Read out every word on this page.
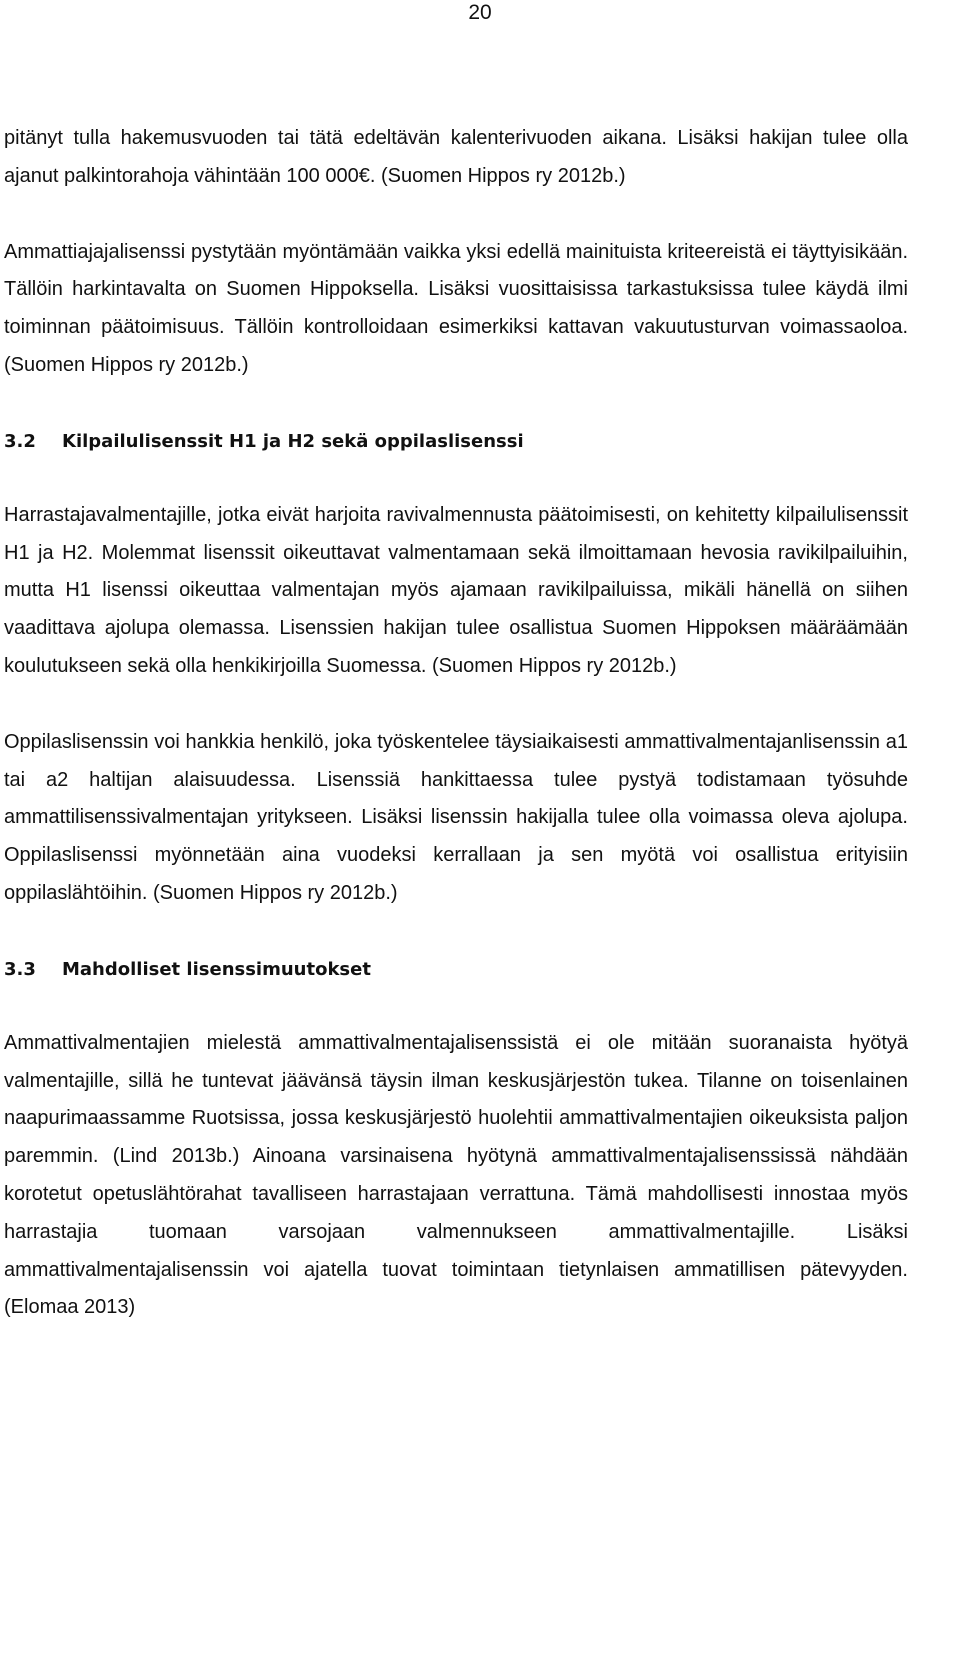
20

pitänyt tulla hakemusvuoden tai tätä edeltävän kalenterivuoden aikana. Lisäksi hakijan tulee olla ajanut palkintorahoja vähintään 100 000€. (Suomen Hippos ry 2012b.)

Ammattiajajalisenssi pystytään myöntämään vaikka yksi edellä mainituista kriteereistä ei täyttyisikään. Tällöin harkintavalta on Suomen Hippoksella. Lisäksi vuosittaisissa tarkastuksissa tulee käydä ilmi toiminnan päätoimisuus. Tällöin kontrolloidaan esimerkiksi kattavan vakuutusturvan voimassaoloa. (Suomen Hippos ry 2012b.)

3.2	Kilpailulisenssit H1 ja H2 sekä oppilaslisenssi

Harrastajavalmentajille, jotka eivät harjoita ravivalmennusta päätoimisesti, on kehitetty kilpailulisenssit H1 ja H2. Molemmat lisenssit oikeuttavat valmentamaan sekä ilmoittamaan hevosia ravikilpailuihin, mutta H1 lisenssi oikeuttaa valmentajan myös ajamaan ravikilpailuissa, mikäli hänellä on siihen vaadittava ajolupa olemassa. Lisenssien hakijan tulee osallistua Suomen Hippoksen määräämään koulutukseen sekä olla henkikirjoilla Suomessa. (Suomen Hippos ry 2012b.)

Oppilaslisenssin voi hankkia henkilö, joka työskentelee täysiaikaisesti ammattivalmentajanlisenssin a1 tai a2 haltijan alaisuudessa. Lisenssiä hankittaessa tulee pystyä todistamaan työsuhde ammattilisenssivalmentajan yritykseen. Lisäksi lisenssin hakijalla tulee olla voimassa oleva ajolupa. Oppilaslisenssi myönnetään aina vuodeksi kerrallaan ja sen myötä voi osallistua erityisiin oppilaslähtöihin. (Suomen Hippos ry 2012b.)

3.3	Mahdolliset lisenssimuutokset

Ammattivalmentajien mielestä ammattivalmentajalisenssistä ei ole mitään suoranaista hyötyä valmentajille, sillä he tuntevat jäävänsä täysin ilman keskusjärjestön tukea. Tilanne on toisenlainen naapurimaassamme Ruotsissa, jossa keskusjärjestö huolehtii ammattivalmentajien oikeuksista paljon paremmin. (Lind 2013b.) Ainoana varsinaisena hyötynä ammattivalmentajalisenssissä nähdään korotetut opetuslähtörahat tavalliseen harrastajaan verrattuna. Tämä mahdollisesti innostaa myös harrastajia tuomaan varsojaan valmennukseen ammattivalmentajille. Lisäksi ammattivalmentajalisenssin voi ajatella tuovat toimintaan tietynlaisen ammatillisen pätevyyden. (Elomaa 2013)
